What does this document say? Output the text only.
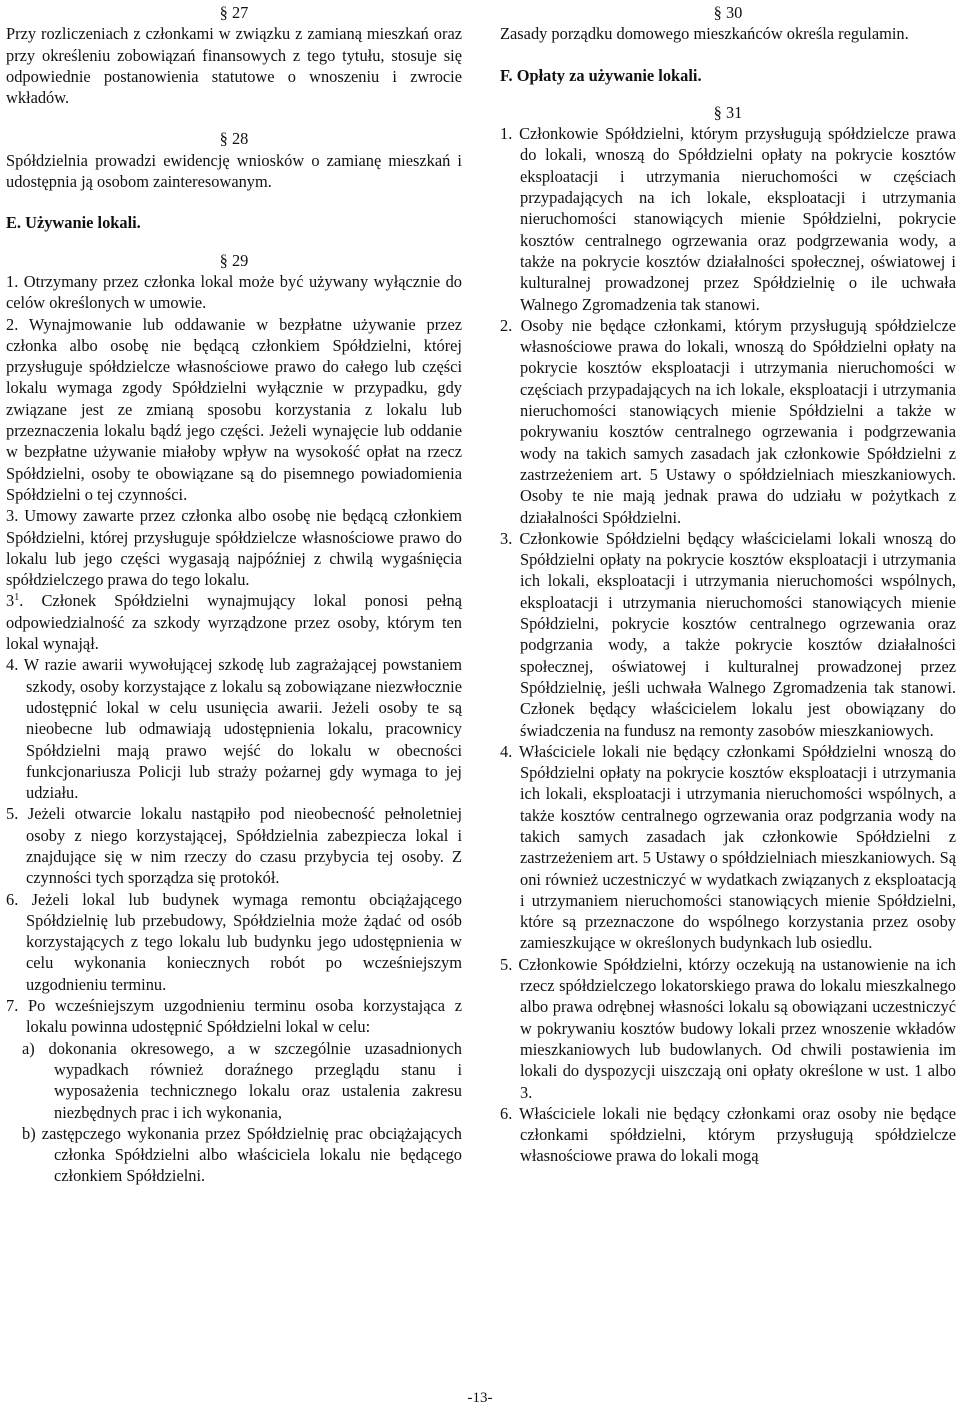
§ 27

Przy rozliczeniach z członkami w związku z zamianą mieszkań oraz przy określeniu zobowiązań finansowych z tego tytułu, stosuje się odpowiednie postanowienia statutowe o wnoszeniu i zwrocie wkładów.

§ 28

Spółdzielnia prowadzi ewidencję wniosków o zamianę mieszkań i udostępnia ją osobom zainteresowanym.

E. Używanie lokali.

§ 29

1. Otrzymany przez członka lokal może być używany wyłącznie do celów określonych w umowie.

2. Wynajmowanie lub oddawanie w bezpłatne używanie przez członka albo osobę nie będącą członkiem Spółdzielni, której przysługuje spółdzielcze własnościowe prawo do całego lub części lokalu wymaga zgody Spółdzielni wyłącznie w przypadku, gdy związane jest ze zmianą sposobu korzystania z lokalu lub przeznaczenia lokalu bądź jego części. Jeżeli wynajęcie lub oddanie w bezpłatne używanie miałoby wpływ na wysokość opłat na rzecz Spółdzielni, osoby te obowiązane są do pisemnego powiadomienia Spółdzielni o tej czynności.

3. Umowy zawarte przez członka albo osobę nie będącą członkiem Spółdzielni, której przysługuje spółdzielcze własnościowe prawo do lokalu lub jego części wygasają najpóźniej z chwilą wygaśnięcia spółdzielczego prawa do tego lokalu.

$3^1$. Członek Spółdzielni wynajmujący lokal ponosi pełną odpowiedzialność za szkody wyrządzone przez osoby, którym ten lokal wynajął.

4. W razie awarii wywołującej szkodę lub zagrażającej powstaniem szkody, osoby korzystające z lokalu są zobowiązane niezwłocznie udostępnić lokal w celu usunięcia awarii. Jeżeli osoby te są nieobecne lub odmawiają udostępnienia lokalu, pracownicy Spółdzielni mają prawo wejść do lokalu w obecności funkcjonariusza Policji lub straży pożarnej gdy wymaga to jej udziału.

5. Jeżeli otwarcie lokalu nastąpiło pod nieobecność pełnoletniej osoby z niego korzystającej, Spółdzielnia zabezpiecza lokal i znajdujące się w nim rzeczy do czasu przybycia tej osoby. Z czynności tych sporządza się protokół.

6. Jeżeli lokal lub budynek wymaga remontu obciążającego Spółdzielnię lub przebudowy, Spółdzielnia może żądać od osób korzystających z tego lokalu lub budynku jego udostępnienia w celu wykonania koniecznych robót po wcześniejszym uzgodnieniu terminu.

7. Po wcześniejszym uzgodnieniu terminu osoba korzystająca z lokalu powinna udostępnić Spółdzielni lokal w celu:

a) dokonania okresowego, a w szczególnie uzasadnionych wypadkach również doraźnego przeglądu stanu i wyposażenia technicznego lokalu oraz ustalenia zakresu niezbędnych prac i ich wykonania,

b) zastępczego wykonania przez Spółdzielnię prac obciążających członka Spółdzielni albo właściciela lokalu nie będącego członkiem Spółdzielni.

§ 30

Zasady porządku domowego mieszkańców określa regulamin.

F. Opłaty za używanie lokali.

§ 31

1. Członkowie Spółdzielni, którym przysługują spółdzielcze prawa do lokali, wnoszą do Spółdzielni opłaty na pokrycie kosztów eksploatacji i utrzymania nieruchomości w częściach przypadających na ich lokale, eksploatacji i utrzymania nieruchomości stanowiących mienie Spółdzielni, pokrycie kosztów centralnego ogrzewania oraz podgrzewania wody, a także na pokrycie kosztów działalności społecznej, oświatowej i kulturalnej prowadzonej przez Spółdzielnię o ile uchwała Walnego Zgromadzenia tak stanowi.

2. Osoby nie będące członkami, którym przysługują spółdzielcze własnościowe prawa do lokali, wnoszą do Spółdzielni opłaty na pokrycie kosztów eksploatacji i utrzymania nieruchomości w częściach przypadających na ich lokale, eksploatacji i utrzymania nieruchomości stanowiących mienie Spółdzielni a także w pokrywaniu kosztów centralnego ogrzewania i podgrzewania wody na takich samych zasadach jak członkowie Spółdzielni z zastrzeżeniem art. 5 Ustawy o spółdzielniach mieszkaniowych. Osoby te nie mają jednak prawa do udziału w pożytkach z działalności Spółdzielni.

3. Członkowie Spółdzielni będący właścicielami lokali wnoszą do Spółdzielni opłaty na pokrycie kosztów eksploatacji i utrzymania ich lokali, eksploatacji i utrzymania nieruchomości wspólnych, eksploatacji i utrzymania nieruchomości stanowiących mienie Spółdzielni, pokrycie kosztów centralnego ogrzewania oraz podgrzania wody, a także pokrycie kosztów działalności społecznej, oświatowej i kulturalnej prowadzonej przez Spółdzielnię, jeśli uchwała Walnego Zgromadzenia tak stanowi. Członek będący właścicielem lokalu jest obowiązany do świadczenia na fundusz na remonty zasobów mieszkaniowych.

4. Właściciele lokali nie będący członkami Spółdzielni wnoszą do Spółdzielni opłaty na pokrycie kosztów eksploatacji i utrzymania ich lokali, eksploatacji i utrzymania nieruchomości wspólnych, a także kosztów centralnego ogrzewania oraz podgrzania wody na takich samych zasadach jak członkowie Spółdzielni z zastrzeżeniem art. 5 Ustawy o spółdzielniach mieszkaniowych. Są oni również uczestniczyć w wydatkach związanych z eksploatacją i utrzymaniem nieruchomości stanowiących mienie Spółdzielni, które są przeznaczone do wspólnego korzystania przez osoby zamieszkujące w określonych budynkach lub osiedlu.

5. Członkowie Spółdzielni, którzy oczekują na ustanowienie na ich rzecz spółdzielczego lokatorskiego prawa do lokalu mieszkalnego albo prawa odrębnej własności lokalu są obowiązani uczestniczyć w pokrywaniu kosztów budowy lokali przez wnoszenie wkładów mieszkaniowych lub budowlanych. Od chwili postawienia im lokali do dyspozycji uiszczają oni opłaty określone w ust. 1 albo 3.

6. Właściciele lokali nie będący członkami oraz osoby nie będące członkami spółdzielni, którym przysługują spółdzielcze własnościowe prawa do lokali mogą

-13-
